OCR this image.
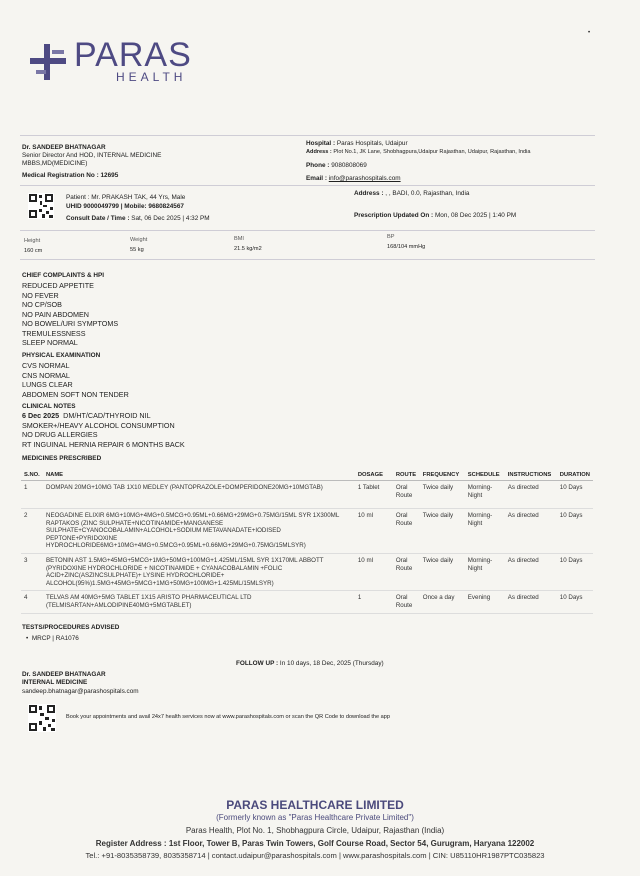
PARAS
HEALTH
•
Dr. SANDEEP BHATNAGAR
Senior Director And HOD, INTERNAL MEDICINE
MBBS,MD(MEDICINE)
Medical Registration No : 12695
Hospital : Paras Hospitals, Udaipur
Address : Plot No.1, JK Lane, Shobhagpura,Udaipur Rajasthan, Udaipur, Rajasthan, India
Phone : 9080808069
Email : info@parashospitals.com
Patient : Mr. PRAKASH TAK, 44 Yrs, Male
UHID 9000049799 | Mobile: 9680824567
Consult Date / Time : Sat, 06 Dec 2025 | 4:32 PM
Address : , , BADI, 0.0, Rajasthan, India
Prescription Updated On : Mon, 08 Dec 2025 | 1:40 PM
Height
160 cm
Weight
55 kg
BMI
21.5 kg/m2
BP
168/104 mmHg
CHIEF COMPLAINTS & HPI
REDUCED APPETITE
NO FEVER
NO CP/SOB
NO PAIN ABDOMEN
NO BOWEL/URI SYMPTOMS
TREMULESSNESS
SLEEP NORMAL
PHYSICAL EXAMINATION
CVS NORMAL
CNS NORMAL
LUNGS CLEAR
ABDOMEN SOFT NON TENDER
CLINICAL NOTES
6 Dec 2025 DM/HT/CAD/THYROID NIL
SMOKER+/HEAVY ALCOHOL CONSUMPTION
NO DRUG ALLERGIES
RT INGUINAL HERNIA REPAIR 6 MONTHS BACK
MEDICINES PRESCRIBED
S.NO.	NAME	DOSAGE	ROUTE	FREQUENCY	SCHEDULE	INSTRUCTIONS	DURATION
1	DOMPAN 20MG+10MG TAB 1X10 MEDLEY (PANTOPRAZOLE+DOMPERIDONE20MG+10MGTAB)	1 Tablet	Oral Route	Twice daily	Morning- Night	As directed	10 Days
2	NEOGADINE ELIXIR 6MG+10MG+4MG+0.5MCG+0.95ML+0.66MG+29MG+0.75MG/15ML SYR 1X300ML RAPTAKOS (ZINC SULPHATE+NICOTINAMIDE+MANGANESE SULPHATE+CYANOCOBALAMIN+ALCOHOL+SODIUM METAVANADATE+IODISED PEPTONE+PYRIDOXINE HYDROCHLORIDE6MG+10MG+4MG+0.5MCG+0.95ML+0.66MG+29MG+0.75MG/15MLSYR)	10 ml	Oral Route	Twice daily	Morning- Night	As directed	10 Days
3	BETONIN AST 1.5MG+45MG+5MCG+1MG+50MG+100MG+1.425ML/15ML SYR 1X170ML ABBOTT (PYRIDOXINE HYDROCHLORIDE + NICOTINAMIDE + CYANACOBALAMIN +FOLIC ACID+ZINC(ASZINCSULPHATE)+ LYSINE HYDROCHLORIDE+ ALCOHOL(95%)1.5MG+45MG+5MCG+1MG+50MG+100MG+1.425ML/15MLSYR)	10 ml	Oral Route	Twice daily	Morning- Night	As directed	10 Days
4	TELVAS AM 40MG+5MG TABLET 1X15 ARISTO PHARMACEUTICAL LTD (TELMISARTAN+AMLODIPINE40MG+5MGTABLET)	1	Oral Route	Once a day	Evening	As directed	10 Days
TESTS/PROCEDURES ADVISED
• MRCP | RA1076
FOLLOW UP : In 10 days, 18 Dec, 2025 (Thursday)
Dr. SANDEEP BHATNAGAR
INTERNAL MEDICINE
sandeep.bhatnagar@parashospitals.com
Book your appointments and avail 24x7 health services now at www.parashospitals.com or scan the QR Code to download the app
PARAS HEALTHCARE LIMITED
(Formerly known as "Paras Healthcare Private Limited")
Paras Health, Plot No. 1, Shobhagpura Circle, Udaipur, Rajasthan (India)
Register Address : 1st Floor, Tower B, Paras Twin Towers, Golf Course Road, Sector 54, Gurugram, Haryana 122002
Tel.: +91-8035358739, 8035358714 | contact.udaipur@parashospitals.com | www.parashospitals.com | CIN: U85110HR1987PTC035823
